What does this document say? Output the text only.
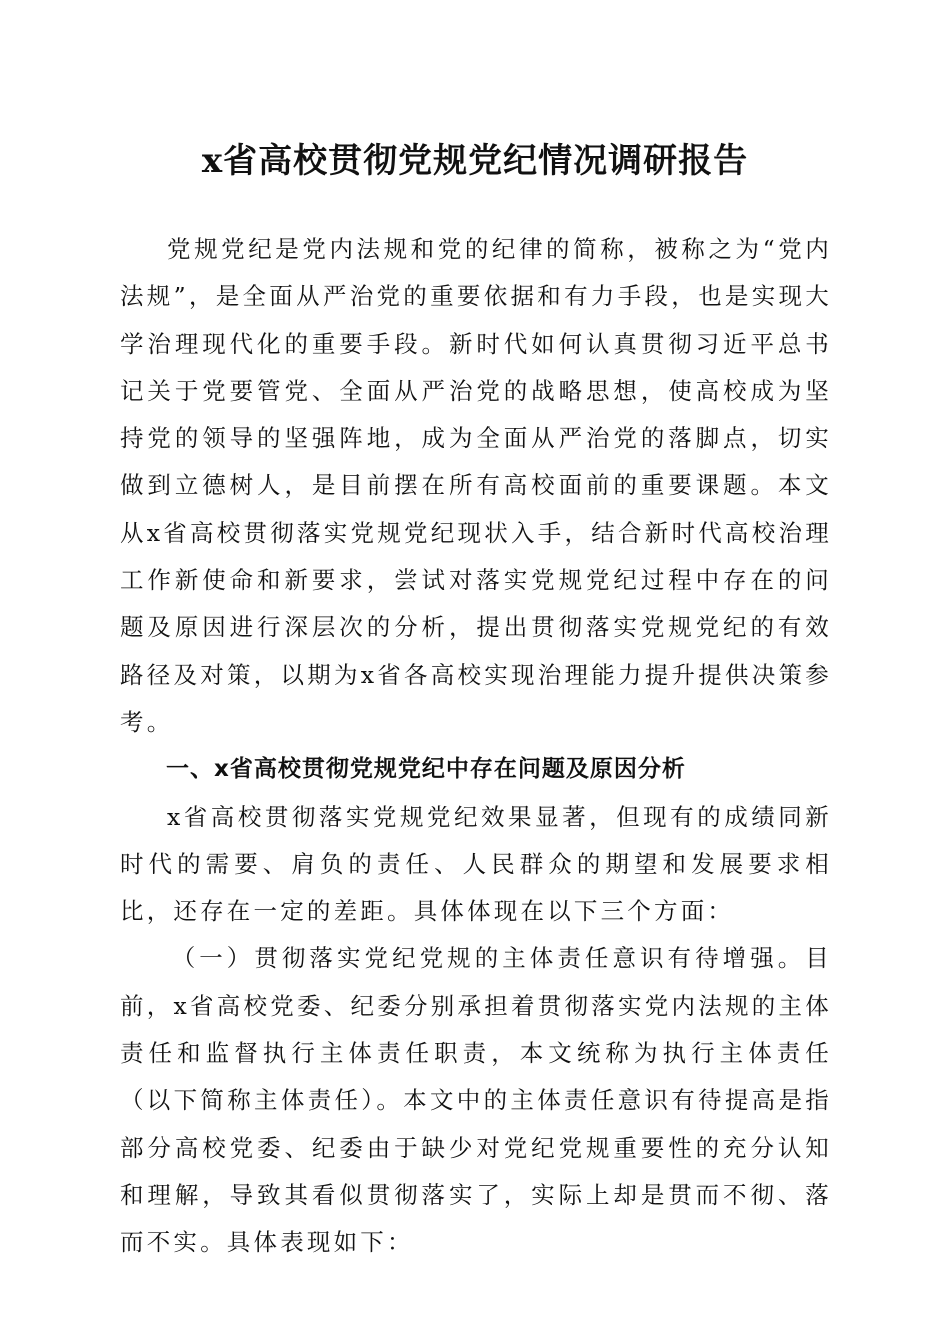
x省高校贯彻党规党纪情况调研报告

党规党纪是党内法规和党的纪律的简称，被称之为“党内法规”，是全面从严治党的重要依据和有力手段，也是实现大学治理现代化的重要手段。新时代如何认真贯彻习近平总书记关于党要管党、全面从严治党的战略思想，使高校成为坚持党的领导的坚强阵地，成为全面从严治党的落脚点，切实做到立德树人，是目前摆在所有高校面前的重要课题。本文从x省高校贯彻落实党规党纪现状入手，结合新时代高校治理工作新使命和新要求，尝试对落实党规党纪过程中存在的问题及原因进行深层次的分析，提出贯彻落实党规党纪的有效路径及对策，以期为x省各高校实现治理能力提升提供决策参考。

一、x省高校贯彻党规党纪中存在问题及原因分析

x省高校贯彻落实党规党纪效果显著，但现有的成绩同新时代的需要、肩负的责任、人民群众的期望和发展要求相比，还存在一定的差距。具体体现在以下三个方面：

（一）贯彻落实党纪党规的主体责任意识有待增强。目前，x省高校党委、纪委分别承担着贯彻落实党内法规的主体责任和监督执行主体责任职责，本文统称为执行主体责任（以下简称主体责任）。本文中的主体责任意识有待提高是指部分高校党委、纪委由于缺少对党纪党规重要性的充分认知和理解，导致其看似贯彻落实了，实际上却是贯而不彻、落而不实。具体表现如下：
